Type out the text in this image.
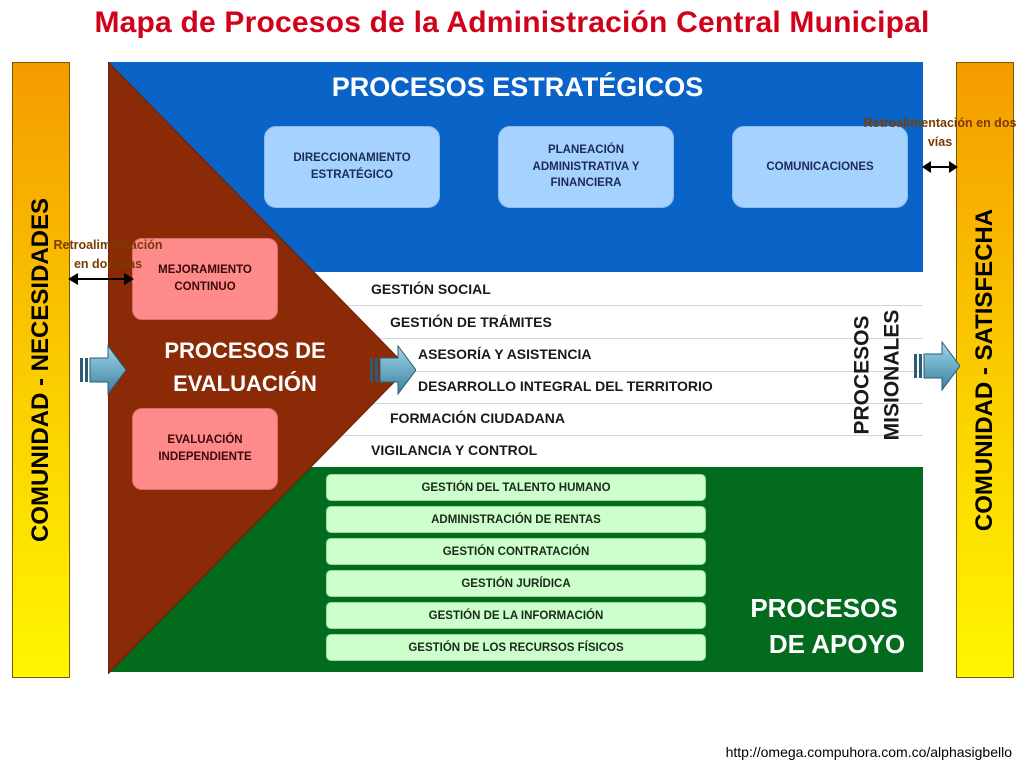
Mapa de Procesos de la Administración Central Municipal
COMUNIDAD - NECESIDADES	COMUNIDAD - SATISFECHA
PROCESOS ESTRATÉGICOS
DIRECCIONAMIENTO ESTRATÉGICO
PLANEACIÓN ADMINISTRATIVA Y FINANCIERA
COMUNICACIONES
MEJORAMIENTO CONTINUO
EVALUACIÓN INDEPENDIENTE
PROCESOS DE
EVALUACIÓN
GESTIÓN SOCIAL
GESTIÓN DE TRÁMITES
ASESORÍA Y ASISTENCIA
DESARROLLO INTEGRAL DEL TERRITORIO
FORMACIÓN CIUDADANA
VIGILANCIA Y CONTROL
PROCESOS MISIONALES
GESTIÓN DEL TALENTO HUMANO
ADMINISTRACIÓN DE RENTAS
GESTIÓN CONTRATACIÓN
GESTIÓN JURÍDICA
GESTIÓN DE LA INFORMACIÓN
GESTIÓN DE LOS RECURSOS FÍSICOS
PROCESOS
DE APOYO
Retroalimentación en dos vías
Retroalimentación en dos vías
http://omega.compuhora.com.co/alphasigbello
